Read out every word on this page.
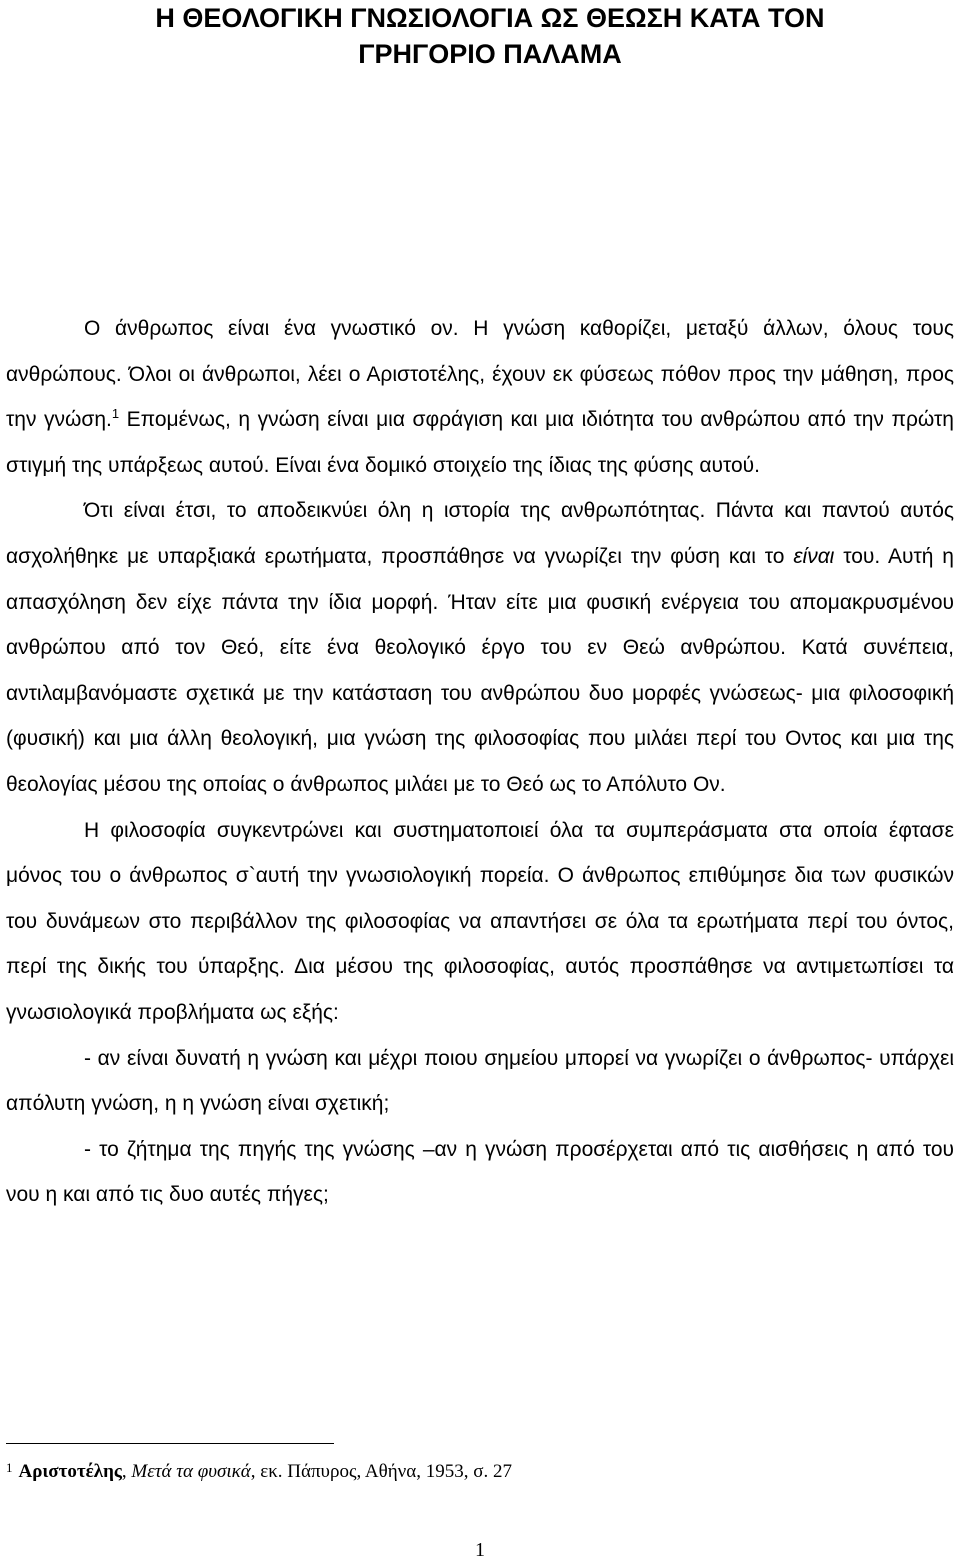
Η ΘΕΟΛΟΓΙΚΗ ΓΝΩΣΙΟΛΟΓΙΑ ΩΣ ΘΕΩΣΗ ΚΑΤΑ ΤΟΝ
ΓΡΗΓΟΡΙΟ ΠΑΛΑΜΑ

Ο άνθρωπος είναι ένα γνωστικό ον. Η γνώση καθορίζει, μεταξύ άλλων, όλους τους ανθρώπους. Όλοι οι άνθρωποι, λέει ο Αριστοτέλης, έχουν εκ φύσεως πόθον προς την μάθηση, προς την γνώση.$^1$ Επομένως, η γνώση είναι μια σφράγιση και μια ιδιότητα του ανθρώπου από την πρώτη στιγμή της υπάρξεως αυτού. Είναι ένα δομικό στοιχείο της ίδιας της φύσης αυτού.

Ότι είναι έτσι, το αποδεικνύει όλη η ιστορία της ανθρωπότητας. Πάντα και παντού αυτός ασχολήθηκε με υπαρξιακά ερωτήματα, προσπάθησε να γνωρίζει την φύση και το είναι του. Αυτή η απασχόληση δεν είχε πάντα την ίδια μορφή. Ήταν είτε μια φυσική ενέργεια του απομακρυσμένου ανθρώπου από τον Θεό, είτε ένα θεολογικό έργο του εν Θεώ ανθρώπου. Κατά συνέπεια, αντιλαμβανόμαστε σχετικά με την κατάσταση του ανθρώπου δυο μορφές γνώσεως- μια φιλοσοφική (φυσική) και μια άλλη θεολογική, μια γνώση της φιλοσοφίας που μιλάει περί του Οντος και μια της θεολογίας μέσου της οποίας ο άνθρωπος μιλάει με το Θεό ως το Απόλυτο Ον.

Η φιλοσοφία συγκεντρώνει και συστηματοποιεί όλα τα συμπεράσματα στα οποία έφτασε μόνος του ο άνθρωπος σ`αυτή την γνωσιολογική πορεία. Ο άνθρωπος επιθύμησε δια των φυσικών του δυνάμεων στο περιβάλλον της φιλοσοφίας να απαντήσει σε όλα τα ερωτήματα περί του όντος, περί της δικής του ύπαρξης. Δια μέσου της φιλοσοφίας, αυτός προσπάθησε να αντιμετωπίσει τα γνωσιολογικά προβλήματα ως εξής:

- αν είναι δυνατή η γνώση και μέχρι ποιου σημείου μπορεί να γνωρίζει ο άνθρωπος- υπάρχει απόλυτη γνώση, η η γνώση είναι σχετική;

- το ζήτημα της πηγής της γνώσης –αν η γνώση προσέρχεται από τις αισθήσεις η από του νου η και από τις δυο αυτές πήγες;

$^1$ Αριστοτέλης, Μετά τα φυσικά, εκ. Πάπυρος, Αθήνα, 1953, σ. 27
1
